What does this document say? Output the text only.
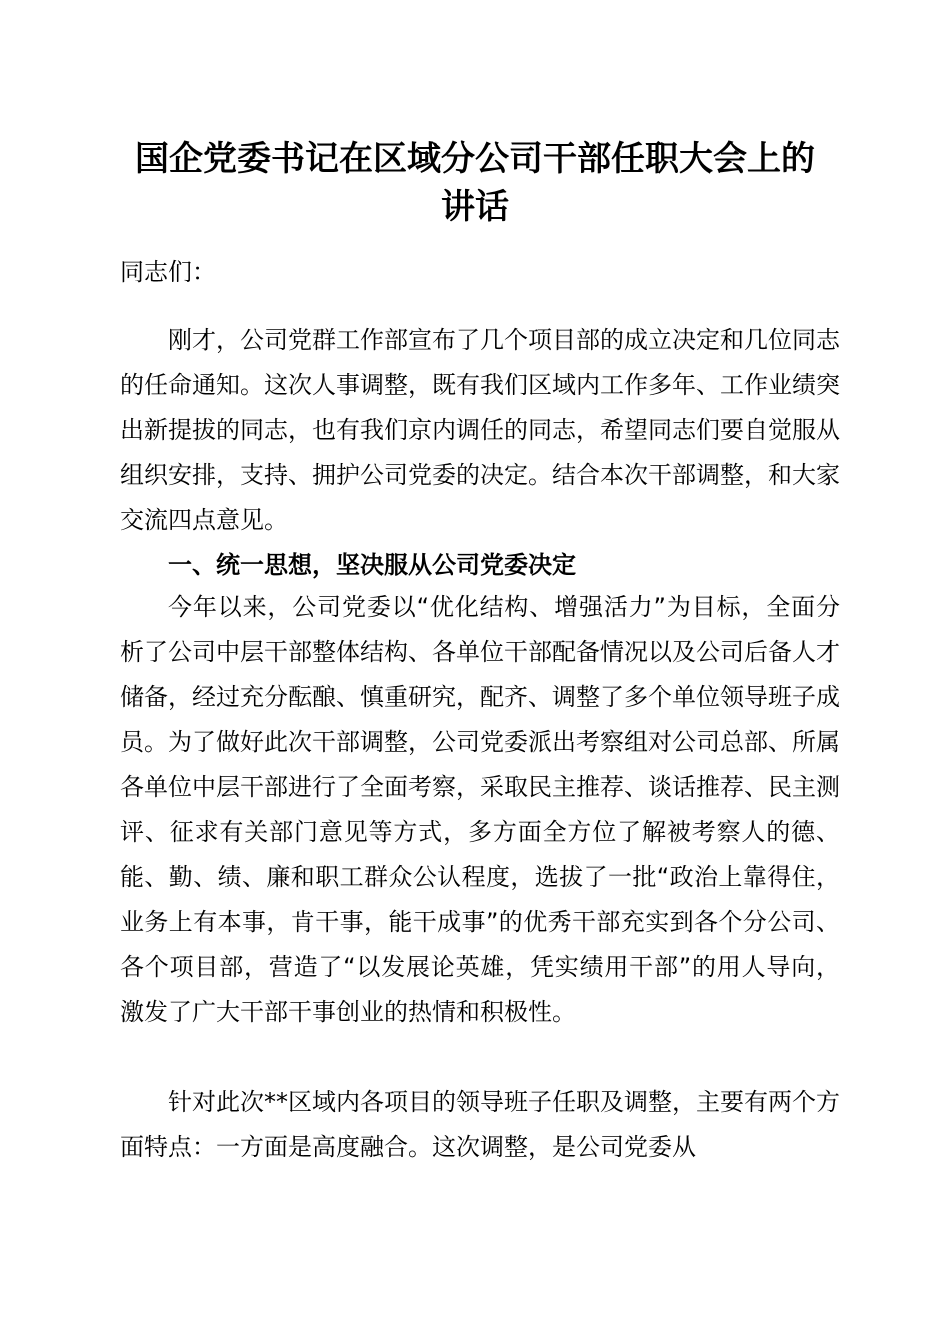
国企党委书记在区域分公司干部任职大会上的
讲话

同志们：

刚才，公司党群工作部宣布了几个项目部的成立决定和几位同志的任命通知。这次人事调整，既有我们区域内工作多年、工作业绩突出新提拔的同志，也有我们京内调任的同志，希望同志们要自觉服从组织安排，支持、拥护公司党委的决定。结合本次干部调整，和大家交流四点意见。

一、统一思想，坚决服从公司党委决定

今年以来，公司党委以“优化结构、增强活力”为目标，全面分析了公司中层干部整体结构、各单位干部配备情况以及公司后备人才储备，经过充分酝酿、慎重研究，配齐、调整了多个单位领导班子成员。为了做好此次干部调整，公司党委派出考察组对公司总部、所属各单位中层干部进行了全面考察，采取民主推荐、谈话推荐、民主测评、征求有关部门意见等方式，多方面全方位了解被考察人的德、能、勤、绩、廉和职工群众公认程度，选拔了一批“政治上靠得住，业务上有本事，肯干事，能干成事”的优秀干部充实到各个分公司、各个项目部，营造了“以发展论英雄，凭实绩用干部”的用人导向，激发了广大干部干事创业的热情和积极性。

针对此次**区域内各项目的领导班子任职及调整，主要有两个方面特点：一方面是高度融合。这次调整，是公司党委从
